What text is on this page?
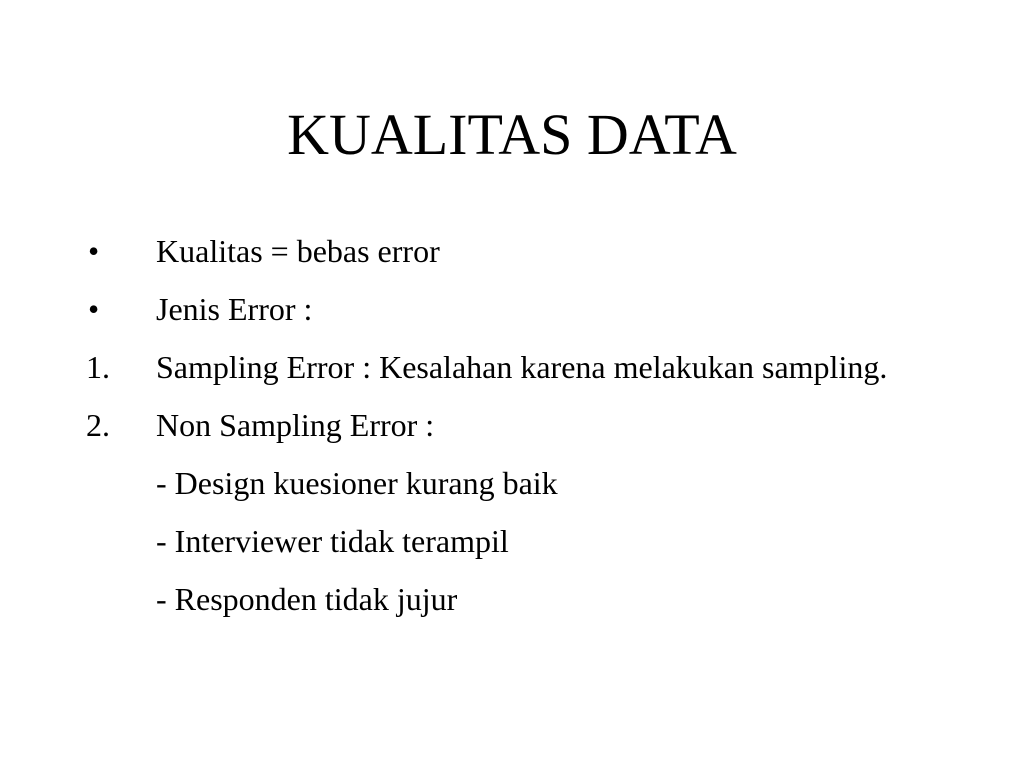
KUALITAS DATA
•	Kualitas = bebas error
•	Jenis Error :
1.	Sampling Error : Kesalahan karena melakukan sampling.
2.	Non Sampling Error :
- Design kuesioner kurang baik
- Interviewer tidak terampil
- Responden tidak jujur
